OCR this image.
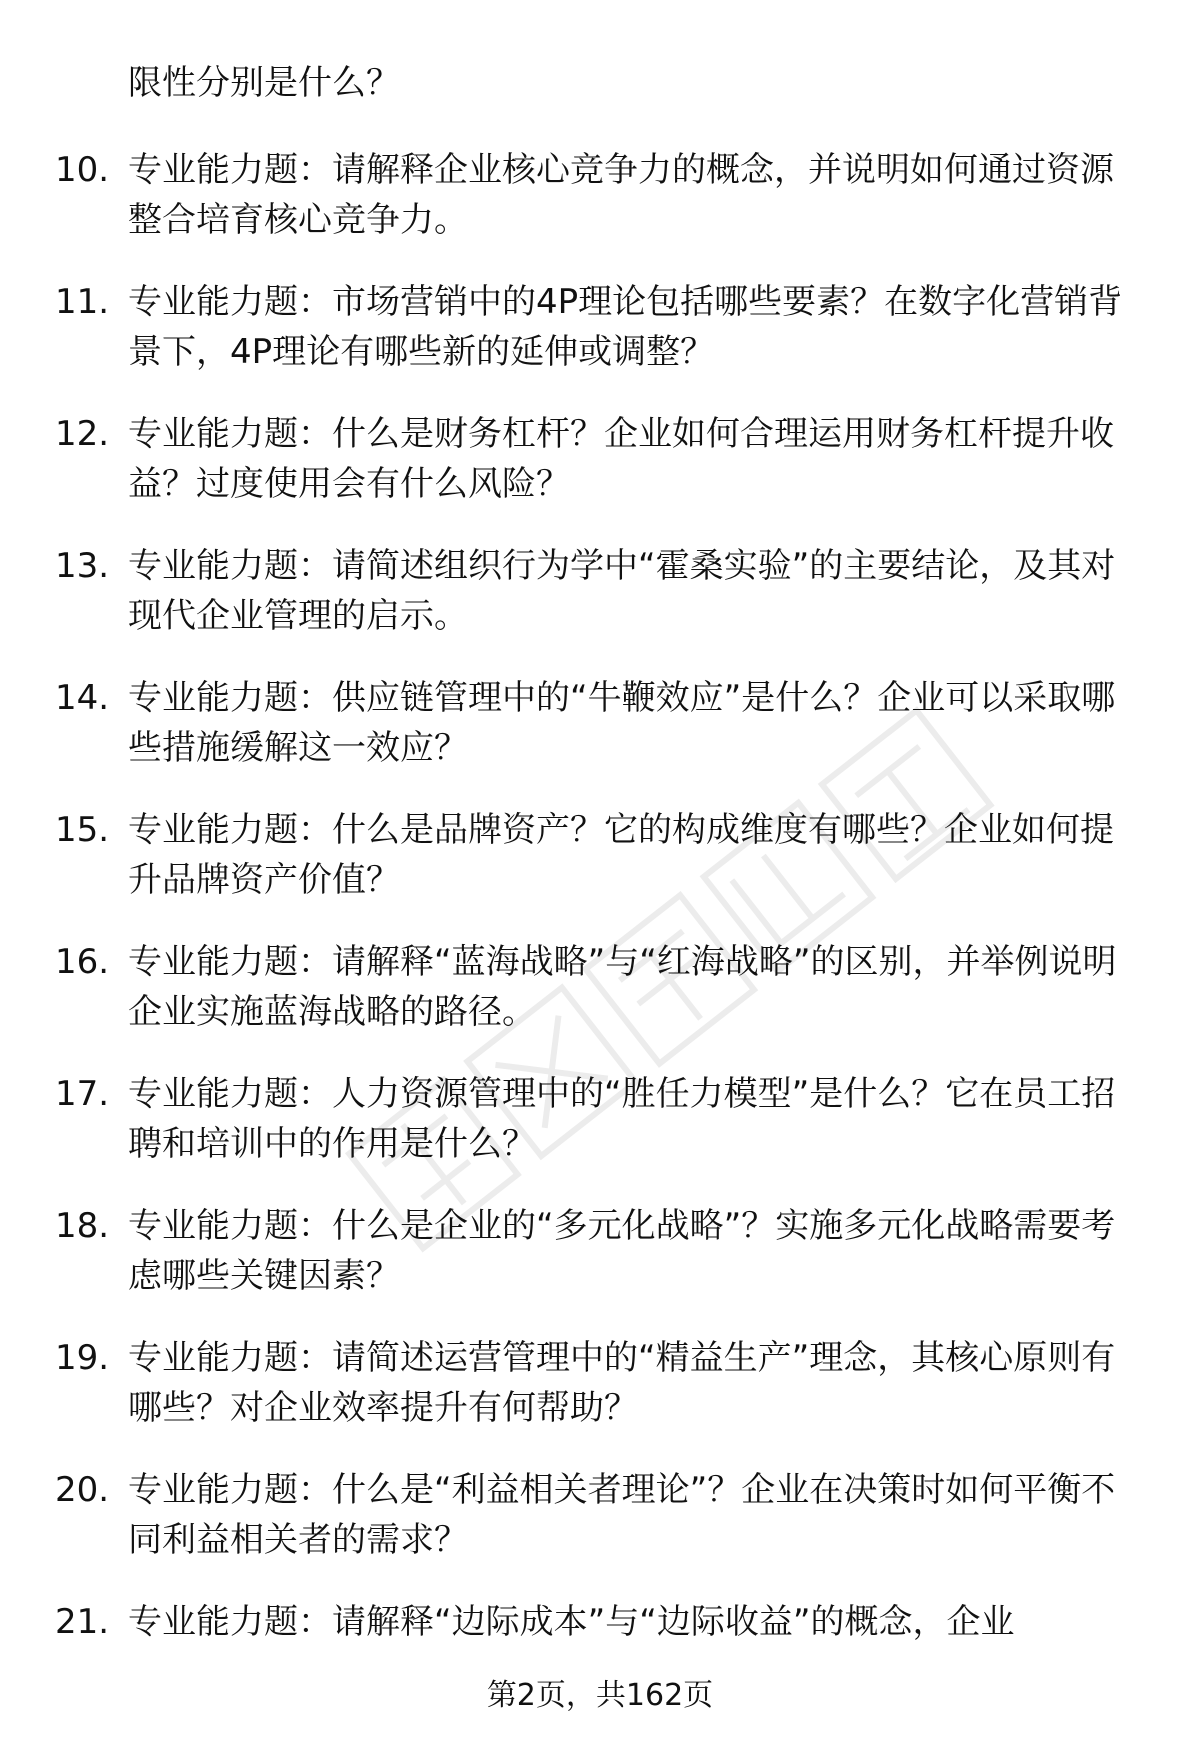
限性分别是什么？

10. 专业能力题：请解释企业核心竞争力的概念，并说明如何通过资源整合培育核心竞争力。

11. 专业能力题：市场营销中的4P理论包括哪些要素？在数字化营销背景下，4P理论有哪些新的延伸或调整？

12. 专业能力题：什么是财务杠杆？企业如何合理运用财务杠杆提升收益？过度使用会有什么风险？

13. 专业能力题：请简述组织行为学中“霍桑实验”的主要结论，及其对现代企业管理的启示。

14. 专业能力题：供应链管理中的“牛鞭效应”是什么？企业可以采取哪些措施缓解这一效应？

15. 专业能力题：什么是品牌资产？它的构成维度有哪些？企业如何提升品牌资产价值？

16. 专业能力题：请解释“蓝海战略”与“红海战略”的区别，并举例说明企业实施蓝海战略的路径。

17. 专业能力题：人力资源管理中的“胜任力模型”是什么？它在员工招聘和培训中的作用是什么？

18. 专业能力题：什么是企业的“多元化战略”？实施多元化战略需要考虑哪些关键因素？

19. 专业能力题：请简述运营管理中的“精益生产”理念，其核心原则有哪些？对企业效率提升有何帮助？

20. 专业能力题：什么是“利益相关者理论”？企业在决策时如何平衡不同利益相关者的需求？

21. 专业能力题：请解释“边际成本”与“边际收益”的概念，企业

第2页，共162页
